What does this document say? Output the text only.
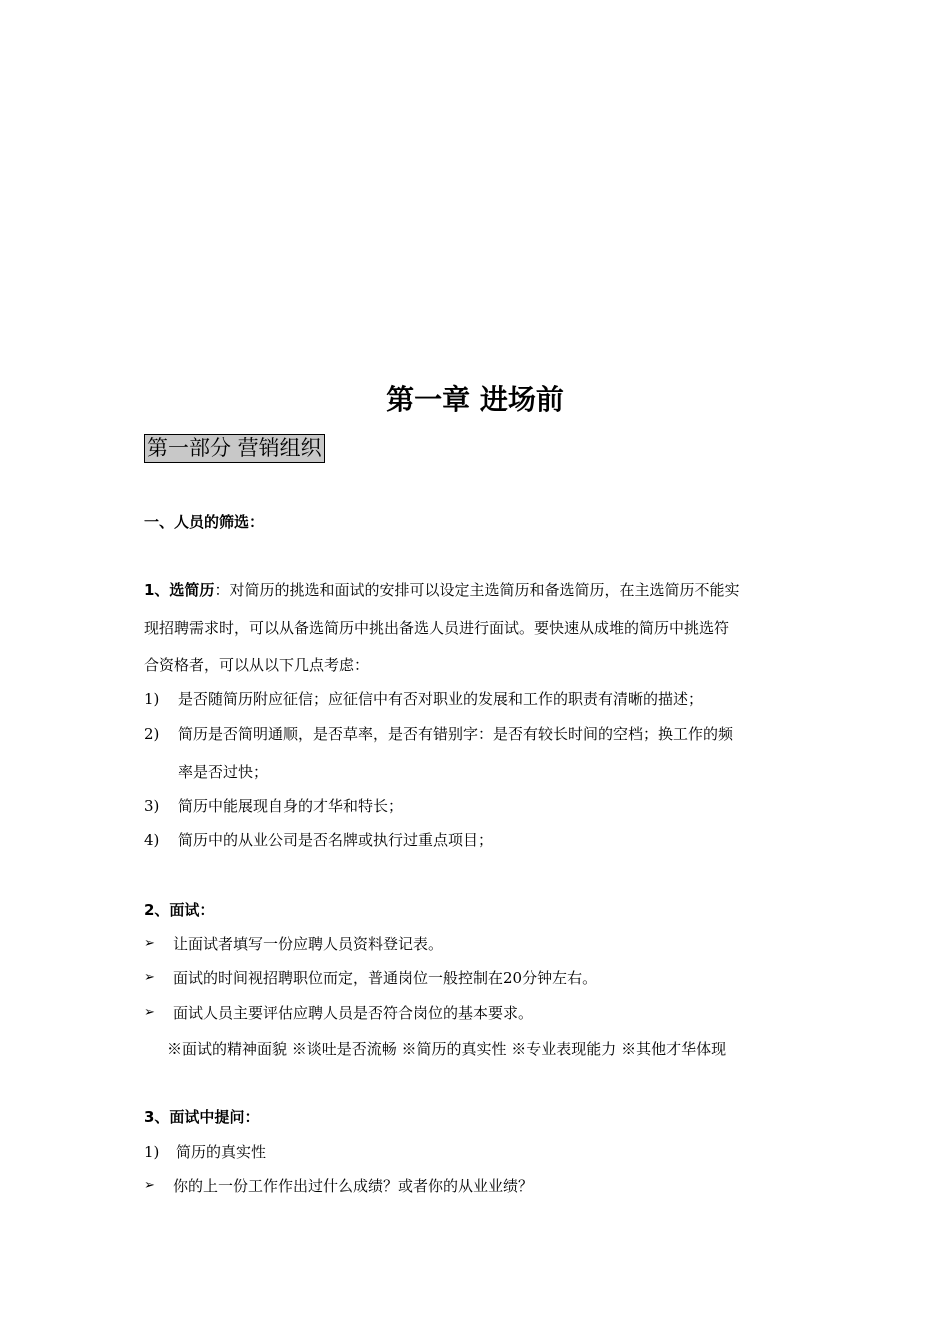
第一章 进场前
第一部分 营销组织
一、人员的筛选：
1、选简历：对简历的挑选和面试的安排可以设定主选简历和备选简历，在主选简历不能实
现招聘需求时，可以从备选简历中挑出备选人员进行面试。要快速从成堆的简历中挑选符
合资格者，可以从以下几点考虑：
1) 是否随简历附应征信；应征信中有否对职业的发展和工作的职责有清晰的描述；
2) 简历是否简明通顺，是否草率，是否有错别字：是否有较长时间的空档；换工作的频
率是否过快；
3) 简历中能展现自身的才华和特长；
4) 简历中的从业公司是否名牌或执行过重点项目；
2、面试：
➢ 让面试者填写一份应聘人员资料登记表。
➢ 面试的时间视招聘职位而定，普通岗位一般控制在20分钟左右。
➢ 面试人员主要评估应聘人员是否符合岗位的基本要求。
※面试的精神面貌 ※谈吐是否流畅 ※简历的真实性 ※专业表现能力 ※其他才华体现
3、面试中提问：
1) 简历的真实性
➢ 你的上一份工作作出过什么成绩？或者你的从业业绩？
